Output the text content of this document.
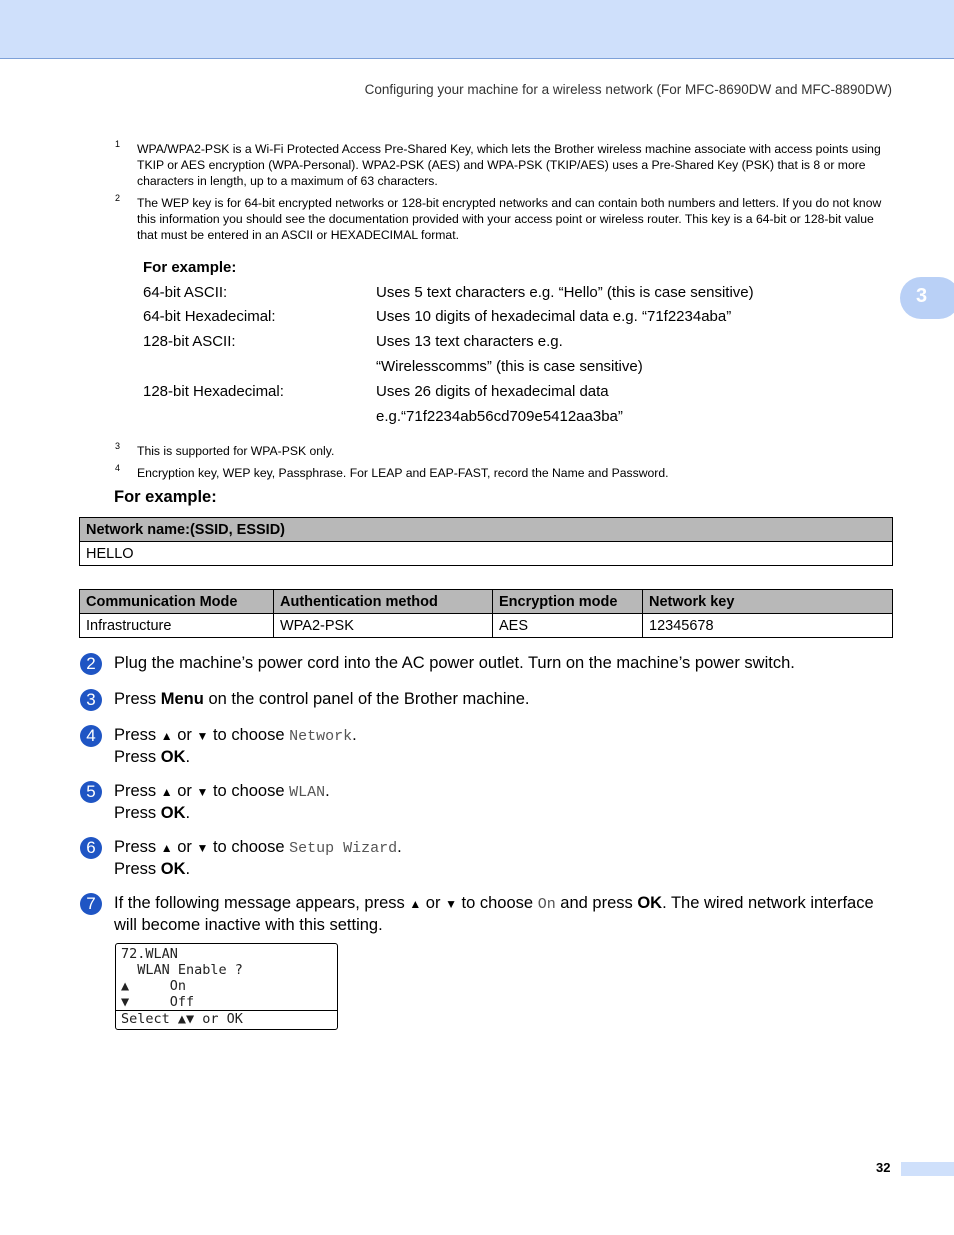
Configuring your machine for a wireless network (For MFC-8690DW and MFC-8890DW)
3
1 WPA/WPA2-PSK is a Wi-Fi Protected Access Pre-Shared Key, which lets the Brother wireless machine associate with access points using TKIP or AES encryption (WPA-Personal). WPA2-PSK (AES) and WPA-PSK (TKIP/AES) uses a Pre-Shared Key (PSK) that is 8 or more characters in length, up to a maximum of 63 characters.
2 The WEP key is for 64-bit encrypted networks or 128-bit encrypted networks and can contain both numbers and letters. If you do not know this information you should see the documentation provided with your access point or wireless router. This key is a 64-bit or 128-bit value that must be entered in an ASCII or HEXADECIMAL format.
For example:
64-bit ASCII:	Uses 5 text characters e.g. “Hello” (this is case sensitive)
64-bit Hexadecimal:	Uses 10 digits of hexadecimal data e.g. “71f2234aba”
128-bit ASCII:	Uses 13 text characters e.g.
“Wirelesscomms” (this is case sensitive)
128-bit Hexadecimal:	Uses 26 digits of hexadecimal data
e.g.“71f2234ab56cd709e5412aa3ba”
3 This is supported for WPA-PSK only.
4 Encryption key, WEP key, Passphrase. For LEAP and EAP-FAST, record the Name and Password.
For example:
Network name:(SSID, ESSID)
HELLO
Communication Mode	Authentication method	Encryption mode	Network key
Infrastructure	WPA2-PSK	AES	12345678
2	Plug the machine’s power cord into the AC power outlet. Turn on the machine’s power switch.
3	Press Menu on the control panel of the Brother machine.
4	Press ▲ or ▼ to choose Network.
Press OK.
5	Press ▲ or ▼ to choose WLAN.
Press OK.
6	Press ▲ or ▼ to choose Setup Wizard.
Press OK.
7	If the following message appears, press ▲ or ▼ to choose On and press OK. The wired network interface will become inactive with this setting.
72.WLAN
WLAN Enable ?
▲     On
▼     Off
Select ▲▼ or OK
32
